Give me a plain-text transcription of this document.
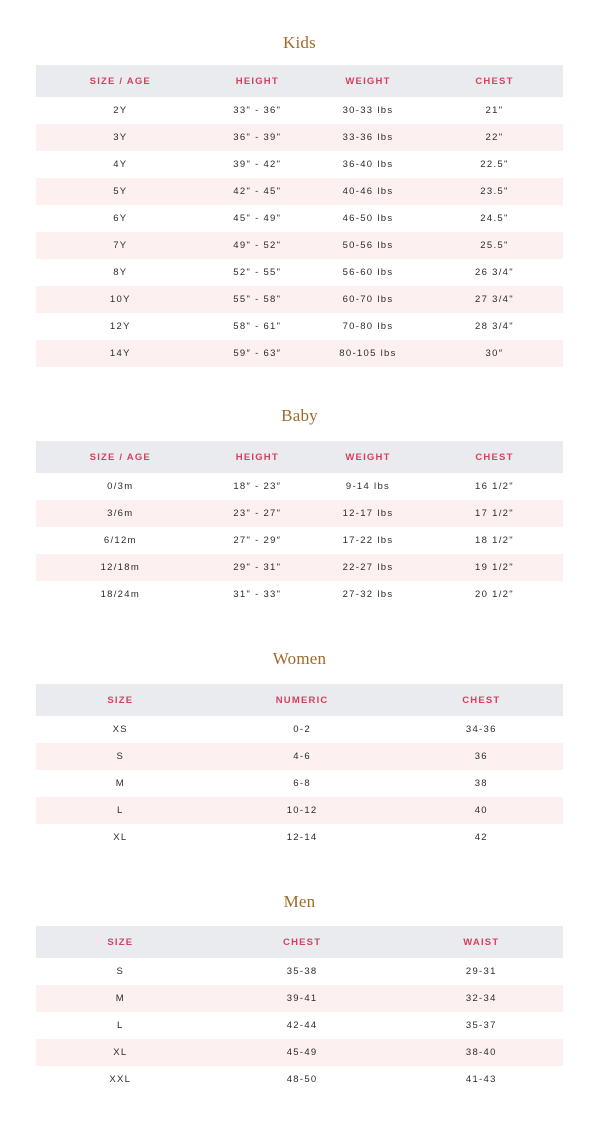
Kids
SIZE / AGE	HEIGHT	WEIGHT	CHEST
2Y	33" - 36"	30-33 lbs	21"
3Y	36" - 39"	33-36 lbs	22"
4Y	39" - 42"	36-40 lbs	22.5"
5Y	42" - 45"	40-46 lbs	23.5"
6Y	45" - 49"	46-50 lbs	24.5"
7Y	49" - 52"	50-56 lbs	25.5"
8Y	52" - 55"	56-60 lbs	26 3/4"
10Y	55" - 58"	60-70 lbs	27 3/4"
12Y	58" - 61"	70-80 lbs	28 3/4"
14Y	59″ - 63″	80-105 lbs	30″
Baby
SIZE / AGE	HEIGHT	WEIGHT	CHEST
0/3m	18″ - 23″	9-14 lbs	16 1/2"
3/6m	23" - 27"	12-17 lbs	17 1/2"
6/12m	27" - 29″	17-22 lbs	18 1/2"
12/18m	29" - 31"	22-27 lbs	19 1/2"
18/24m	31" - 33"	27-32 lbs	20 1/2"
Women
SIZE	NUMERIC	CHEST
XS	0-2	34-36
S	4-6	36
M	6-8	38
L	10-12	40
XL	12-14	42
Men
SIZE	CHEST	WAIST
S	35-38	29-31
M	39-41	32-34
L	42-44	35-37
XL	45-49	38-40
XXL	48-50	41-43
